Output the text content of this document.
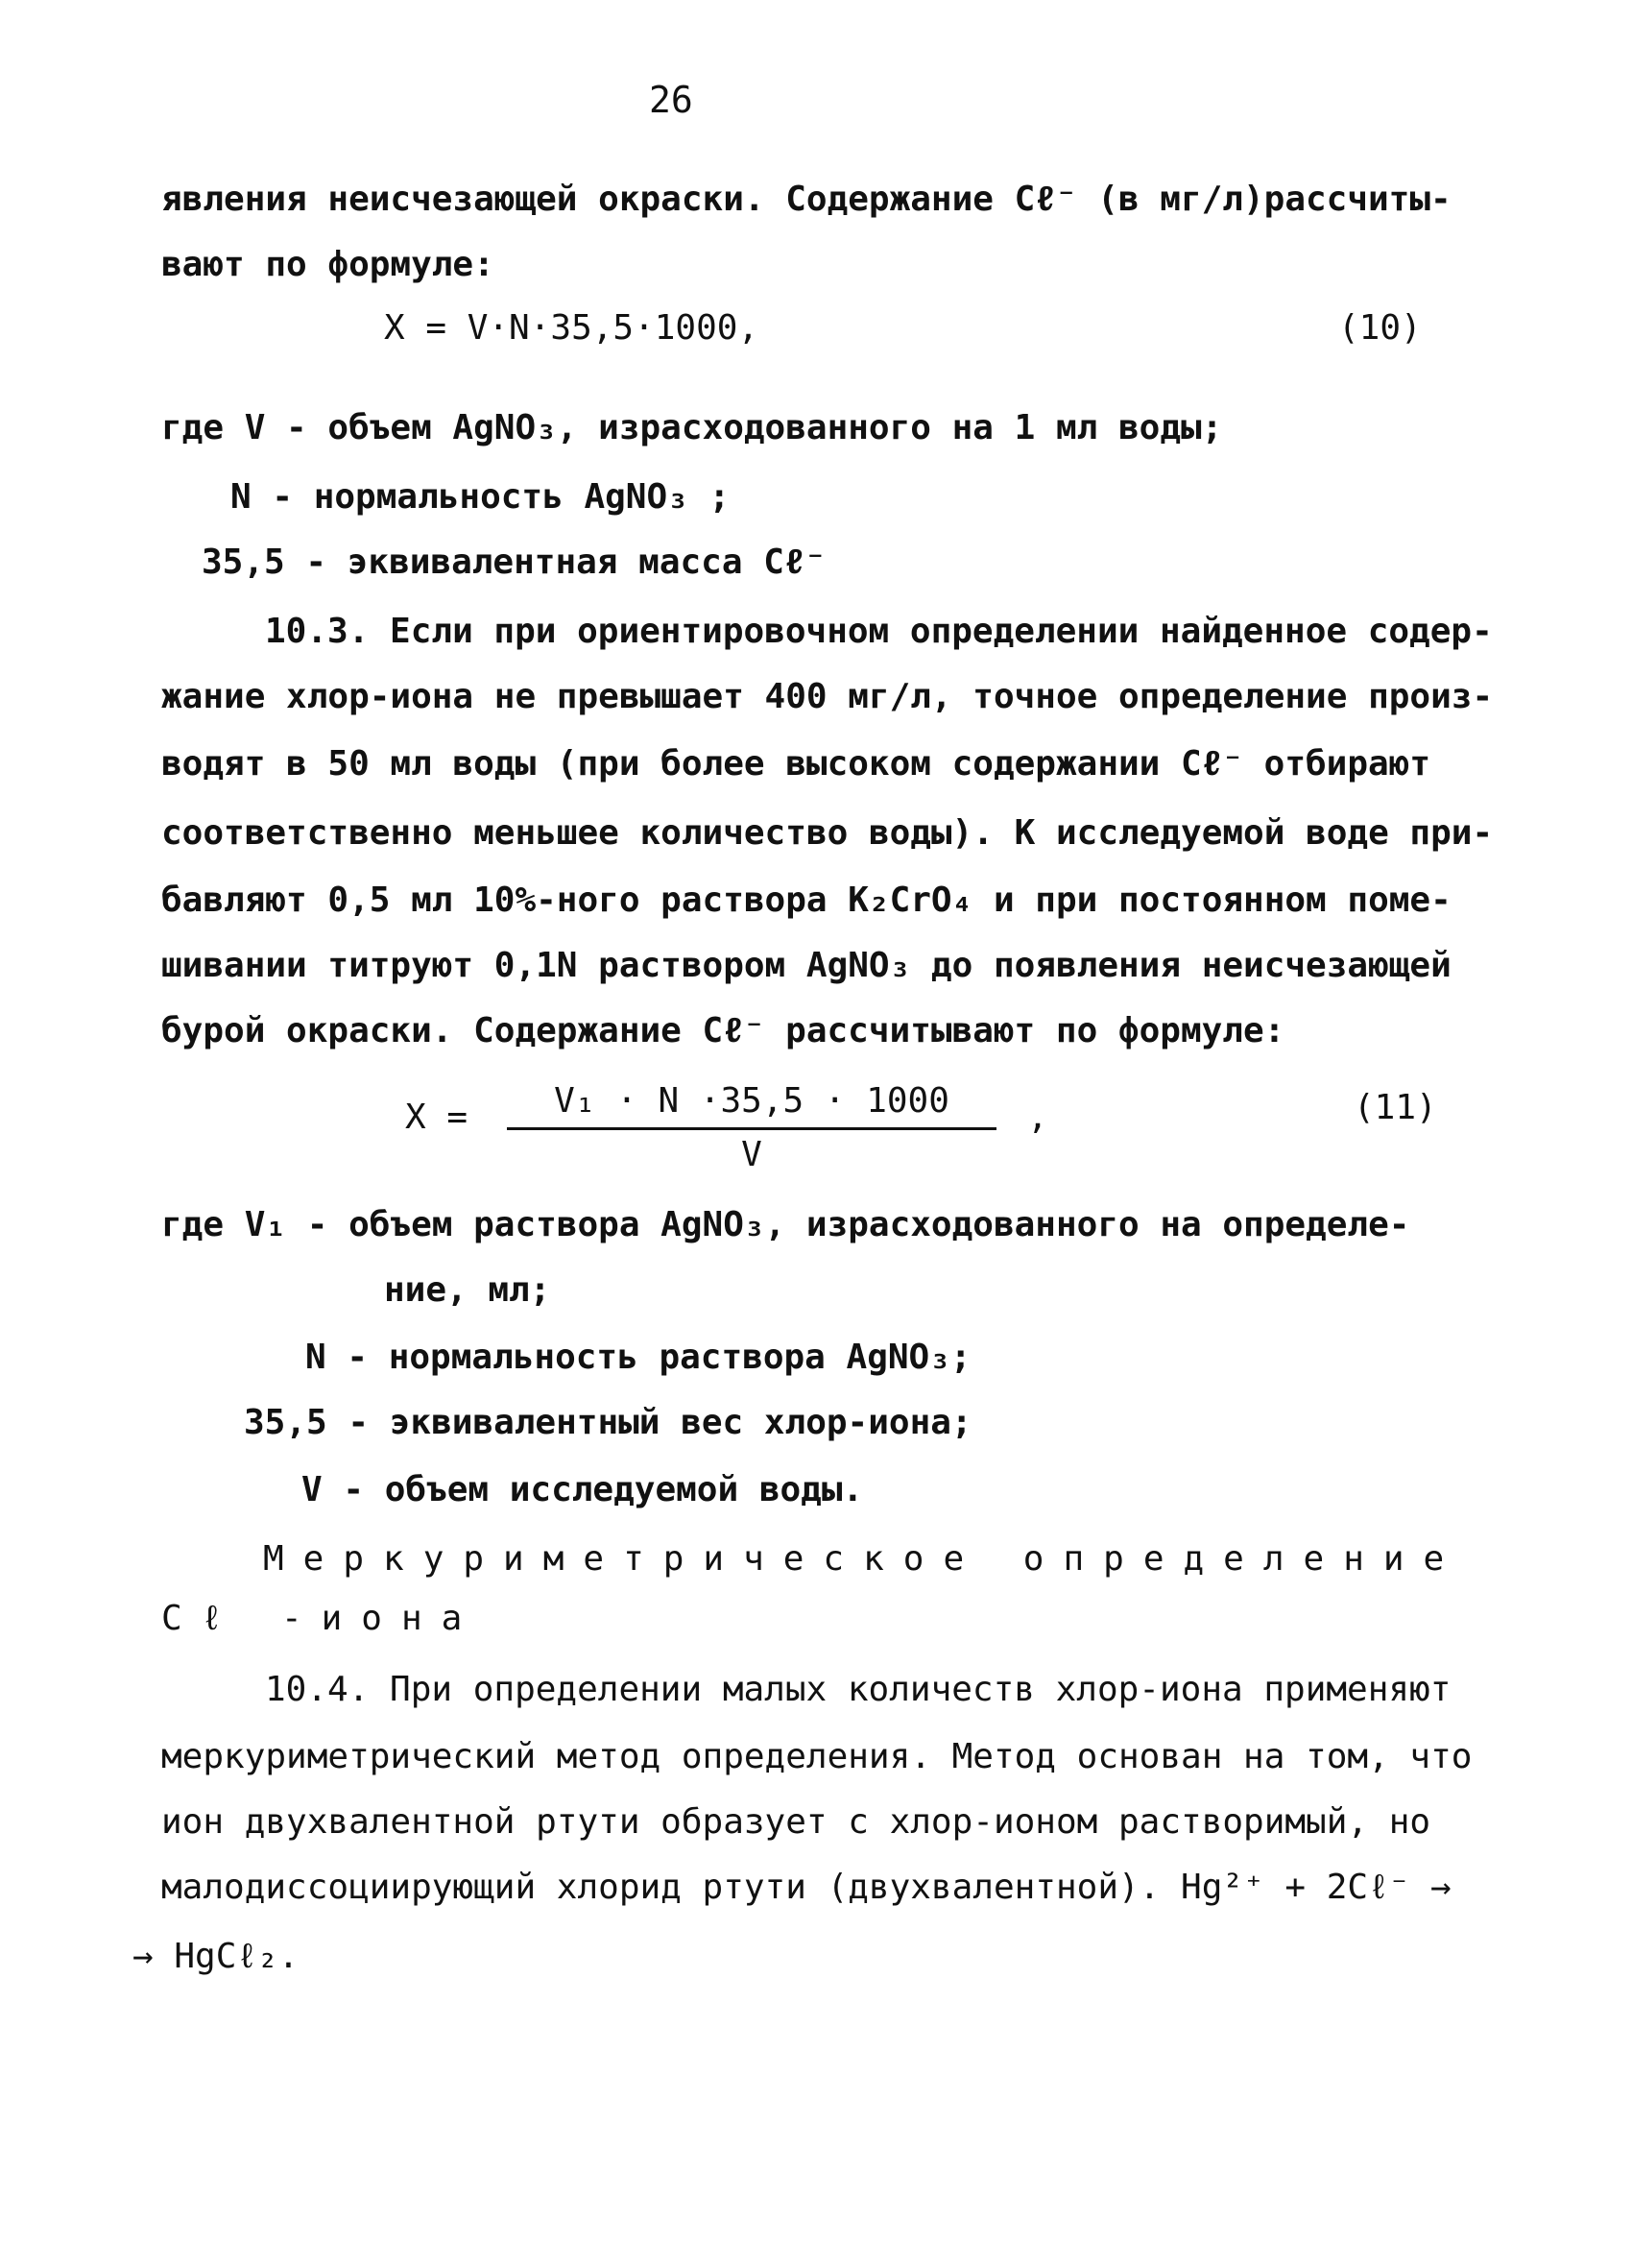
26
явления неисчезающей окраски. Содержание Cℓ⁻ (в мг/л)рассчиты-
вают по формуле:
X = V·N·35,5·1000,	(10)
где V - объем AgNO₃, израсходованного на 1 мл воды;
N - нормальность AgNO₃ ;
35,5 - эквивалентная масса Cℓ⁻
10.3. Если при ориентировочном определении найденное содер-
жание хлор-иона не превышает 400 мг/л, точное определение произ-
водят в 50 мл воды (при более высоком содержании Cℓ⁻ отбирают
соответственно меньшее количество воды). К исследуемой воде при-
бавляют 0,5 мл 10%-ного раствора K₂CrO₄ и при постоянном поме-
шивании титруют 0,1N раствором AgNO₃ до появления неисчезающей
бурой окраски. Содержание Cℓ⁻ рассчитывают по формуле:
X =	V₁ · N ·35,5 · 1000
V
,	(11)
где V₁ - объем раствора AgNO₃, израсходованного на определе-
ние, мл;
N - нормальность раствора AgNO₃;
35,5 - эквивалентный вес хлор-иона;
V - объем исследуемой воды.
Меркуриметрическое определение
Cℓ -иона
10.4. При определении малых количеств хлор-иона применяют
меркуриметрический метод определения. Метод основан на том, что
ион двухвалентной ртути образует с хлор-ионом растворимый, но
малодиссоциирующий хлорид ртути (двухвалентной). Hg²⁺ + 2Cℓ⁻ →
→ HgCℓ₂.
